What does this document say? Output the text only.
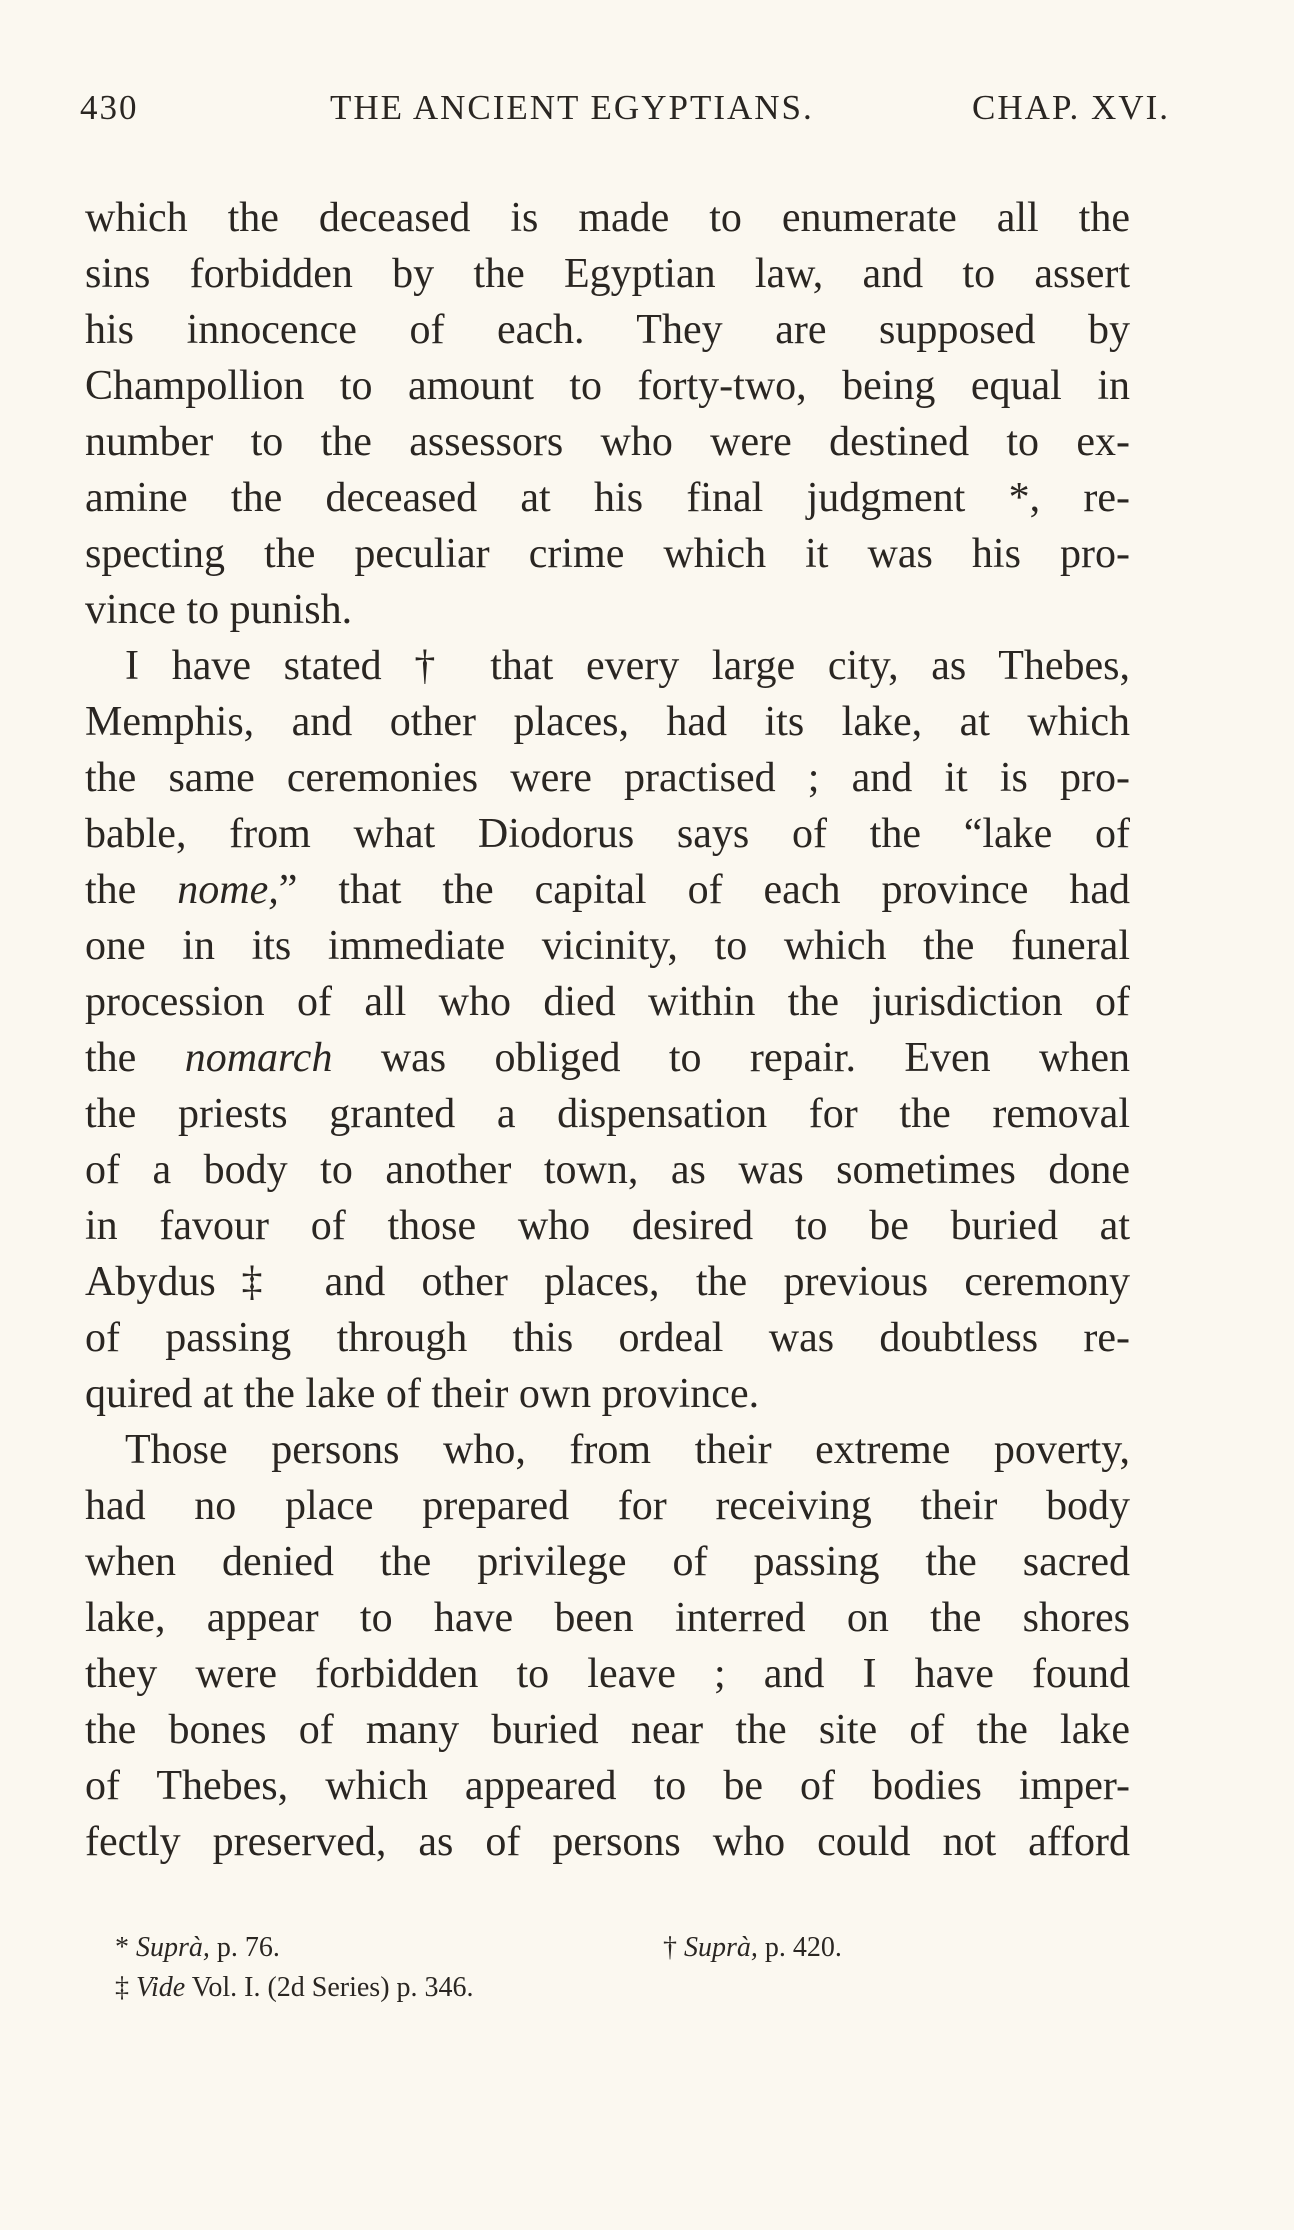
430	THE ANCIENT EGYPTIANS.	CHAP. XVI.
which the deceased is made to enumerate all the
sins forbidden by the Egyptian law, and to assert
his innocence of each. They are supposed by
Champollion to amount to forty-two, being equal in
number to the assessors who were destined to ex-
amine the deceased at his final judgment *, re-
specting the peculiar crime which it was his pro-
vince to punish.
I have stated † that every large city, as Thebes,
Memphis, and other places, had its lake, at which
the same ceremonies were practised ; and it is pro-
bable, from what Diodorus says of the “lake of
the nome,” that the capital of each province had
one in its immediate vicinity, to which the funeral
procession of all who died within the jurisdiction of
the nomarch was obliged to repair. Even when
the priests granted a dispensation for the removal
of a body to another town, as was sometimes done
in favour of those who desired to be buried at
Abydus‡ and other places, the previous ceremony
of passing through this ordeal was doubtless re-
quired at the lake of their own province.
Those persons who, from their extreme poverty,
had no place prepared for receiving their body
when denied the privilege of passing the sacred
lake, appear to have been interred on the shores
they were forbidden to leave ; and I have found
the bones of many buried near the site of the lake
of Thebes, which appeared to be of bodies imper-
fectly preserved, as of persons who could not afford
* Suprà, p. 76.	† Suprà, p. 420.
‡ Vide Vol. I. (2d Series) p. 346.
